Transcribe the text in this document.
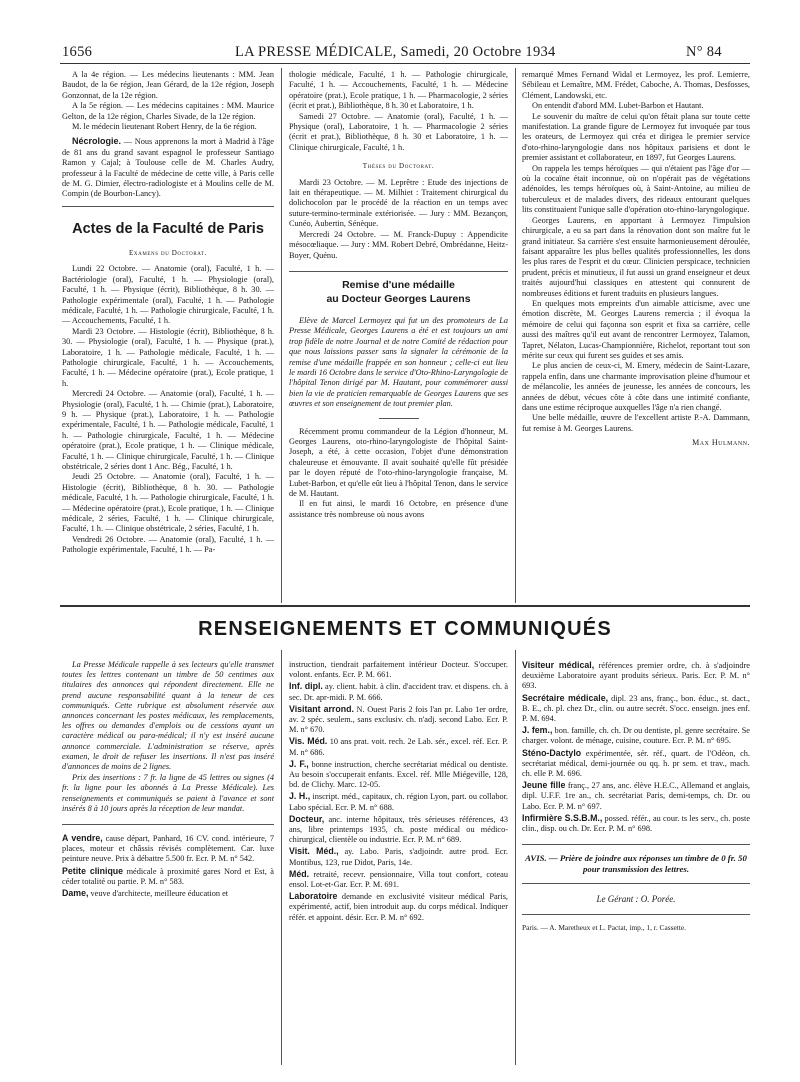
1656	LA PRESSE MÉDICALE, Samedi, 20 Octobre 1934	N° 84

A la 4e région. — Les médecins lieutenants : MM. Jean Baudot, de la 6e région, Jean Gérard, de la 12e région, Joseph Gonzonnat, de la 12e région.

A la 5e région. — Les médecins capitaines : MM. Maurice Gelton, de la 12e région, Charles Sivade, de la 12e région.

M. le médecin lieutenant Robert Henry, de la 6e région.

Nécrologie. — Nous apprenons la mort à Madrid à l'âge de 81 ans du grand savant espagnol le professeur Santiago Ramon y Cajal; à Toulouse celle de M. Charles Audry, professeur à la Faculté de médecine de cette ville, à Paris celle de M. G. Dimier, électro-radiologiste et à Moulins celle de M. Compin (de Bourbon-Lancy).

Actes de la Faculté de Paris
Examens du Doctorat.

Lundi 22 Octobre. — Anatomie (oral), Faculté, 1 h. — Bactériologie (oral), Faculté, 1 h. — Physiologie (oral), Faculté, 1 h. — Physique (écrit), Bibliothèque, 8 h. 30. — Pathologie expérimentale (oral), Faculté, 1 h. — Pathologie médicale, Faculté, 1 h. — Pathologie chirurgicale, Faculté, 1 h. — Accouchements, Faculté, 1 h.

Mardi 23 Octobre. — Histologie (écrit), Bibliothèque, 8 h. 30. — Physiologie (oral), Faculté, 1 h. — Physique (prat.), Laboratoire, 1 h. — Pathologie médicale, Faculté, 1 h. — Pathologie chirurgicale, Faculté, 1 h. — Accouchements, Faculté, 1 h. — Médecine opératoire (prat.), Ecole pratique, 1 h.

Mercredi 24 Octobre. — Anatomie (oral), Faculté, 1 h. — Physiologie (oral), Faculté, 1 h. — Chimie (prat.), Laboratoire, 9 h. — Physique (prat.), Laboratoire, 1 h. — Pathologie expérimentale, Faculté, 1 h. — Pathologie médicale, Faculté, 1 h. — Pathologie chirurgicale, Faculté, 1 h. — Médecine opératoire (prat.), Ecole pratique, 1 h. — Clinique médicale, Faculté, 1 h. — Clinique chirurgicale, Faculté, 1 h. — Clinique obstétricale, 2 séries dont 1 Anc. Bég., Faculté, 1 h.

Jeudi 25 Octobre. — Anatomie (oral), Faculté, 1 h. — Histologie (écrit), Bibliothèque, 8 h. 30. — Pathologie médicale, Faculté, 1 h. — Pathologie chirurgicale, Faculté, 1 h. — Médecine opératoire (prat.), Ecole pratique, 1 h. — Clinique médicale, 2 séries, Faculté, 1 h. — Clinique chirurgicale, Faculté, 1 h. — Clinique obstétricale, 2 séries, Faculté, 1 h.

Vendredi 26 Octobre. — Anatomie (oral), Faculté, 1 h. — Pathologie expérimentale, Faculté, 1 h. — Pa-

thologie médicale, Faculté, 1 h. — Pathologie chirurgicale, Faculté, 1 h. — Accouchements, Faculté, 1 h. — Médecine opératoire (prat.), Ecole pratique, 1 h. — Pharmacologie, 2 séries (écrit et prat.), Bibliothèque, 8 h. 30 et Laboratoire, 1 h.

Samedi 27 Octobre. — Anatomie (oral), Faculté, 1 h. — Physique (oral), Laboratoire, 1 h. — Pharmacologie 2 séries (écrit et prat.), Bibliothèque, 8 h. 30 et Laboratoire, 1 h. — Clinique chirurgicale, Faculté, 1 h.

Thèses du Doctorat.

Mardi 23 Octobre. — M. Leprêtre : Etude des injections de lait en thérapeutique. — M. Milhiet : Traitement chirurgical du dolichocolon par le procédé de la réaction en un temps avec suture-termino-terminale extériorisée. — Jury : MM. Bezançon, Cunéo, Aubertin, Sénèque.

Mercredi 24 Octobre. — M. Franck-Dupuy : Appendicite mésocœliaque. — Jury : MM. Robert Debré, Ombrédanne, Heitz-Boyer, Quénu.

Remise d'une médaille
au Docteur Georges Laurens

Elève de Marcel Lermoyez qui fut un des promoteurs de La Presse Médicale, Georges Laurens a été et est toujours un ami trop fidèle de notre Journal et de notre Comité de rédaction pour que nous laissions passer sans la signaler la cérémonie de la remise d'une médaille frappée en son honneur ; celle-ci eut lieu le mardi 16 Octobre dans le service d'Oto-Rhino-Laryngologie de l'hôpital Tenon dirigé par M. Hautant, pour commémorer aussi bien la vie de praticien remarquable de Georges Laurens que ses œuvres et son enseignement de tout premier plan.

Récemment promu commandeur de la Légion d'honneur, M. Georges Laurens, oto-rhino-laryngologiste de l'hôpital Saint-Joseph, a été, à cette occasion, l'objet d'une démonstration chaleureuse et émouvante. Il avait souhaité qu'elle fût présidée par le doyen réputé de l'oto-rhino-laryngologie française, M. Lubet-Barbon, et qu'elle eût lieu à l'hôpital Tenon, dans le service de M. Hautant.

Il en fut ainsi, le mardi 16 Octobre, en présence d'une assistance très nombreuse où nous avons

remarqué Mmes Fernand Widal et Lermoyez, les prof. Lemierre, Sébileau et Lemaître, MM. Frédet, Caboche, A. Thomas, Desfosses, Clément, Landowski, etc.

On entendit d'abord MM. Lubet-Barbon et Hautant.

Le souvenir du maître de celui qu'on fêtait plana sur toute cette manifestation. La grande figure de Lermoyez fut invoquée par tous les orateurs, de Lermoyez qui créa et dirigea le premier service d'oto-rhino-laryngologie dans nos hôpitaux parisiens et dont le premier assistant et collaborateur, en 1897, fut Georges Laurens.

On rappela les temps héroïques — qui n'étaient pas l'âge d'or — où la cocaïne était inconnue, où on n'opérait pas de végétations adénoïdes, les temps héroïques où, à Saint-Antoine, au milieu de tuberculeux et de malades divers, des rideaux entourant quelques lits constituaient l'unique salle d'opération oto-rhino-laryngologique.

Georges Laurens, en apportant à Lermoyez l'impulsion chirurgicale, a eu sa part dans la rénovation dont son maître fut le grand initiateur. Sa carrière s'est ensuite harmonieusement déroulée, faisant apparaître les plus belles qualités professionnelles, les dons les plus rares de l'esprit et du cœur. Clinicien perspicace, technicien prudent, précis et minutieux, il fut aussi un grand enseigneur et deux traités aujourd'hui classiques en attestent qui connurent de nombreuses éditions et furent traduits en plusieurs langues.

En quelques mots empreints d'un aimable atticisme, avec une émotion discrète, M. Georges Laurens remercia ; il évoqua la mémoire de celui qui façonna son esprit et fixa sa carrière, celle aussi des maîtres qu'il eut avant de rencontrer Lermoyez, Talamon, Tapret, Nélaton, Lucas-Championnière, Richelot, reportant tout son mérite sur ceux qui furent ses guides et ses amis.

Le plus ancien de ceux-ci, M. Emery, médecin de Saint-Lazare, rappela enfin, dans une charmante improvisation pleine d'humour et de mélancolie, les années de jeunesse, les années de concours, les années de début, vécues côte à côte dans une intimité confiante, dans une estime réciproque auxquelles l'âge n'a rien changé.

Une belle médaille, œuvre de l'excellent artiste P.-A. Dammann, fut remise à M. Georges Laurens.

Max Hulmann.
RENSEIGNEMENTS ET COMMUNIQUÉS

La Presse Médicale rappelle à ses lecteurs qu'elle transmet toutes les lettres contenant un timbre de 50 centimes aux titulaires des annonces qui répondent directement. Elle ne prend aucune responsabilité quant à la teneur de ces communiqués. Cette rubrique est absolument réservée aux annonces concernant les postes médicaux, les remplacements, les offres ou demandes d'emplois ou de cessions ayant un caractère médical ou para-médical; il n'y est inséré aucune annonce commerciale. L'administration se réserve, après examen, le droit de refuser les insertions. Il n'est pas inséré d'annonces de moins de 2 lignes.

Prix des insertions : 7 fr. la ligne de 45 lettres ou signes (4 fr. la ligne pour les abonnés à La Presse Médicale). Les renseignements et communiqués se paient à l'avance et sont insérés 8 à 10 jours après la réception de leur mandat.

A vendre, cause départ, Panhard, 16 CV. cond. intérieure, 7 places, moteur et châssis révisés complètement. Car. luxe peinture neuve. Prix à débattre 5.500 fr. Ecr. P. M. n° 542.

Petite clinique médicale à proximité gares Nord et Est, à céder totalité ou partie. P. M. n° 583.

Dame, veuve d'architecte, meilleure éducation et

instruction, tiendrait parfaitement intérieur Docteur. S'occuper. volont. enfants. Ecr. P. M. 661.

Inf. dipl. ay. client. habit. à clin. d'accident trav. et dispens. ch. à sec. Dr. apr-midi. P. M. 666.

Visitant arrond. N. Ouest Paris 2 fois l'an pr. Labo 1er ordre, av. 2 spéc. seulem., sans exclusiv. ch. n'adj. second Labo. Ecr. P. M. n° 670.

Vis. Méd. 10 ans prat. voit. rech. 2e Lab. sér., excel. réf. Ecr. P. M. n° 686.

J. F., bonne instruction, cherche secrétariat médical ou dentiste. Au besoin s'occuperait enfants. Excel. réf. Mlle Miégeville, 128, bd. de Clichy. Marc. 12-05.

J. H., inscript. méd., capitaux, ch. région Lyon, part. ou collabor. Labo spécial. Ecr. P. M. n° 688.

Docteur, anc. interne hôpitaux, très sérieuses références, 43 ans, libre printemps 1935, ch. poste médical ou médico-chirurgical, clientèle ou industrie. Ecr. P. M. n° 689.

Visit. Méd., ay. Labo. Paris, s'adjoindr. autre prod. Ecr. Montibus, 123, rue Didot, Paris, 14e.

Méd. retraité, recevr. pensionnaire, Villa tout confort, coteau ensol. Lot-et-Gar. Ecr. P. M. 691.

Laboratoire demande en exclusivité visiteur médical Paris, expérimenté, actif, bien introduit aup. du corps médical. Indiquer référ. et appoint. désir. Ecr. P. M. n° 692.

Visiteur médical, références premier ordre, ch. à s'adjoindre deuxième Laboratoire ayant produits sérieux. Paris. Ecr. P. M. n° 693.

Secrétaire médicale, dipl. 23 ans, franç., bon. éduc., st. dact., B. E., ch. pl. chez Dr., clin. ou autre secrét. S'occ. enseign. jnes enf. P. M. 694.

J. fem., bon. famille, ch. ch. Dr ou dentiste, pl. genre secrétaire. Se charger. volont. de ménage, cuisine, couture. Ecr. P. M. n° 695.

Sténo-Dactylo expérimentée, sér. réf., quart. de l'Odéon, ch. secrétariat médical, demi-journée ou qq. h. pr sem. et trav., mach. ch. elle P. M. 696.

Jeune fille franç., 27 ans, anc. élève H.E.C., Allemand et anglais, dipl. U.F.F. 1re an., ch. secrétariat Paris, demi-temps, ch. Dr. ou Labo. Ecr. P. M. n° 697.

Infirmière S.S.B.M., possed. référ., au cour. ts les serv., ch. poste clin., disp. ou ch. Dr. Ecr. P. M. n° 698.

AVIS. — Prière de joindre aux réponses un timbre de 0 fr. 50 pour transmission des lettres.
Le Gérant : O. Porée.
Paris. — A. Maretheux et L. Pactat, imp., 1, r. Cassette.
